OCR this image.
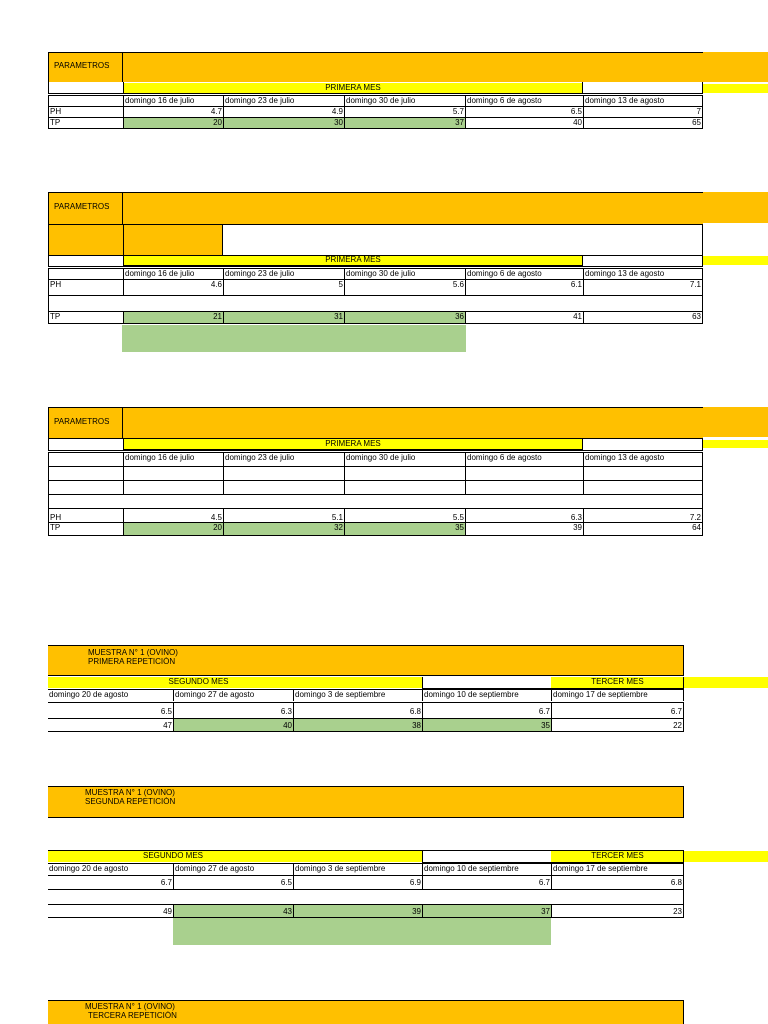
PARAMETROS
PRIMERA MES
domingo 16 de julio	domingo 23 de julio	domingo 30 de julio	domingo 6 de agosto	domingo 13 de agosto
PH	4.7	4.9	5.7	6.5	7
TP	20	30	37	40	65
PARAMETROS
PRIMERA MES
domingo 16 de julio	domingo 23 de julio	domingo 30 de julio	domingo 6 de agosto	domingo 13 de agosto
PH	4.6	5	5.6	6.1	7.1
TP	21	31	36	41	63
PARAMETROS
PRIMERA MES
domingo 16 de julio	domingo 23 de julio	domingo 30 de julio	domingo 6 de agosto	domingo 13 de agosto
PH	4.5	5.1	5.5	6.3	7.2
TP	20	32	35	39	64
MUESTRA N° 1 (OVINO)
PRIMERA REPETICIÓN
SEGUNDO MES	TERCER MES
domingo 20 de agosto	domingo 27 de agosto	domingo 3 de septiembre	domingo 10 de septiembre	domingo 17 de septiembre
6.5	6.3	6.8	6.7	6.7
47	40	38	35	22
MUESTRA N° 1 (OVINO)
SEGUNDA REPETICIÓN
SEGUNDO MES	TERCER MES
domingo 20 de agosto	domingo 27 de agosto	domingo 3 de septiembre	domingo 10 de septiembre	domingo 17 de septiembre
6.7	6.5	6.9	6.7	6.8
49	43	39	37	23
MUESTRA N° 1 (OVINO)
TERCERA REPETICIÓN
